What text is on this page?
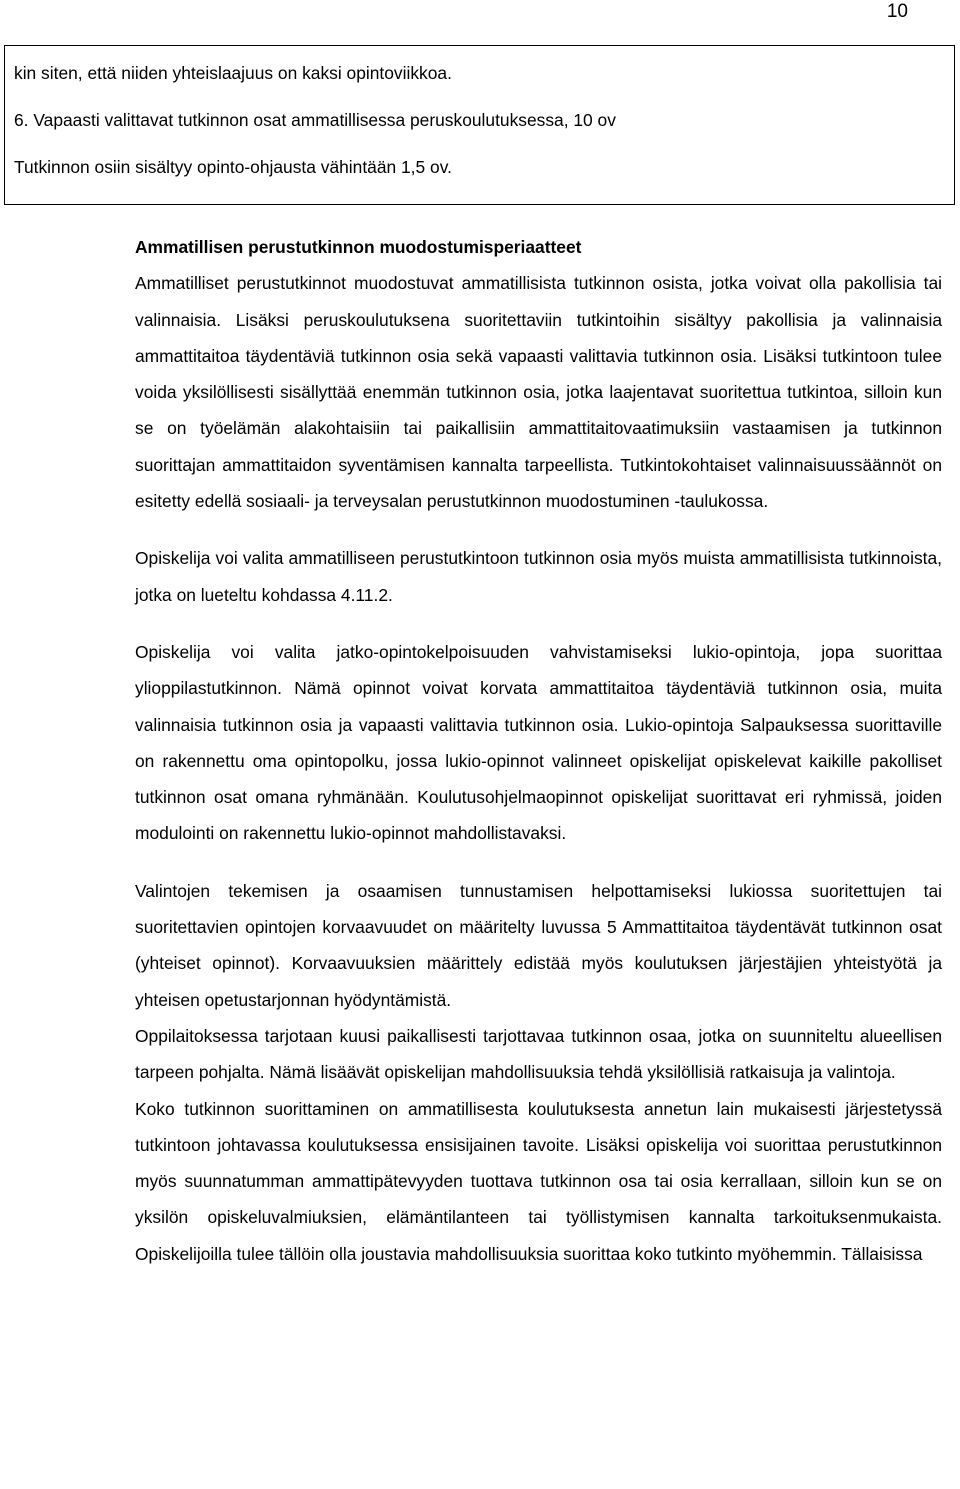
10
kin siten, että niiden yhteislaajuus on kaksi opintoviikkoa.
6. Vapaasti valittavat tutkinnon osat ammatillisessa peruskoulutuksessa, 10 ov
Tutkinnon osiin sisältyy opinto-ohjausta vähintään 1,5 ov.
Ammatillisen perustutkinnon muodostumisperiaatteet

Ammatilliset perustutkinnot muodostuvat ammatillisista tutkinnon osista, jotka voivat olla pakollisia tai valinnaisia. Lisäksi peruskoulutuksena suoritettaviin tutkintoihin sisältyy pakollisia ja valinnaisia ammattitaitoa täydentäviä tutkinnon osia sekä vapaasti valittavia tutkinnon osia. Lisäksi tutkintoon tulee voida yksilöllisesti sisällyttää enemmän tutkinnon osia, jotka laajentavat suoritettua tutkintoa, silloin kun se on työelämän alakohtaisiin tai paikallisiin ammattitaitovaatimuksiin vastaamisen ja tutkinnon suorittajan ammattitaidon syventämisen kannalta tarpeellista. Tutkintokohtaiset valinnaisuussäännöt on esitetty edellä sosiaali- ja terveysalan perustutkinnon muodostuminen -taulukossa.

Opiskelija voi valita ammatilliseen perustutkintoon tutkinnon osia myös muista ammatillisista tutkinnoista, jotka on lueteltu kohdassa 4.11.2.

Opiskelija voi valita jatko-opintokelpoisuuden vahvistamiseksi lukio-opintoja, jopa suorittaa ylioppilastutkinnon. Nämä opinnot voivat korvata ammattitaitoa täydentäviä tutkinnon osia, muita valinnaisia tutkinnon osia ja vapaasti valittavia tutkinnon osia. Lukio-opintoja Salpauksessa suorittaville on rakennettu oma opintopolku, jossa lukio-opinnot valinneet opiskelijat opiskelevat kaikille pakolliset tutkinnon osat omana ryhmänään. Koulutusohjelmaopinnot opiskelijat suorittavat eri ryhmissä, joiden modulointi on rakennettu lukio-opinnot mahdollistavaksi.

Valintojen tekemisen ja osaamisen tunnustamisen helpottamiseksi lukiossa suoritettujen tai suoritettavien opintojen korvaavuudet on määritelty luvussa 5 Ammattitaitoa täydentävät tutkinnon osat (yhteiset opinnot). Korvaavuuksien määrittely edistää myös koulutuksen järjestäjien yhteistyötä ja yhteisen opetustarjonnan hyödyntämistä.

Oppilaitoksessa tarjotaan kuusi paikallisesti tarjottavaa tutkinnon osaa, jotka on suunniteltu alueellisen tarpeen pohjalta. Nämä lisäävät opiskelijan mahdollisuuksia tehdä yksilöllisiä ratkaisuja ja valintoja.

Koko tutkinnon suorittaminen on ammatillisesta koulutuksesta annetun lain mukaisesti järjestetyssä tutkintoon johtavassa koulutuksessa ensisijainen tavoite. Lisäksi opiskelija voi suorittaa perustutkinnon myös suunnatumman ammattipätevyyden tuottava tutkinnon osa tai osia kerrallaan, silloin kun se on yksilön opiskeluvalmiuksien, elämäntilanteen tai työllistymisen kannalta tarkoituksenmukaista. Opiskelijoilla tulee tällöin olla joustavia mahdollisuuksia suorittaa koko tutkinto myöhemmin. Tällaisissa
